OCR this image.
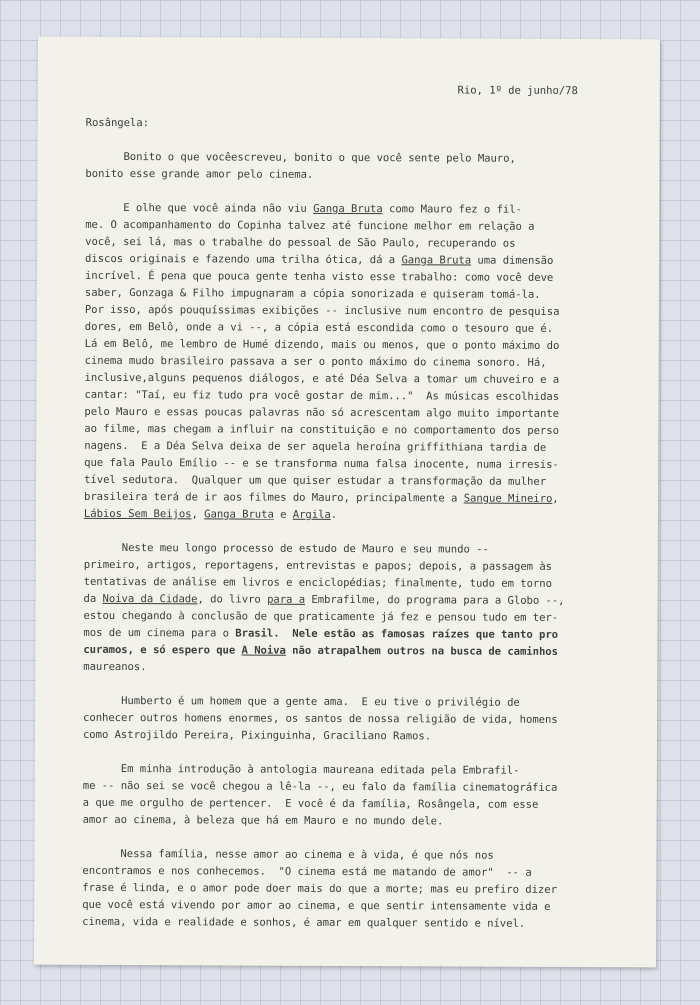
Rio, 1º de junho/78
Rosângela:
Bonito o que vocêescreveu, bonito o que você sente pelo Mauro,
bonito esse grande amor pelo cinema.
E olhe que você ainda não viu Ganga Bruta como Mauro fez o fil-
me. O acompanhamento do Copinha talvez até funcione melhor em relação a
você, sei lá, mas o trabalhe do pessoal de São Paulo, recuperando os
discos originais e fazendo uma trilha ótica, dá a Ganga Bruta uma dimensão
incrível. É pena que pouca gente tenha visto esse trabalho: como você deve
saber, Gonzaga & Filho impugnaram a cópia sonorizada e quiseram tomá-la.
Por isso, após pouquíssimas exibições -- inclusive num encontro de pesquisa
dores, em Belô, onde a vi --, a cópia está escondida como o tesouro que é.
Lá em Belô, me lembro de Humé dizendo, mais ou menos, que o ponto máximo do
cinema mudo brasileiro passava a ser o ponto máximo do cinema sonoro. Há,
inclusive,alguns pequenos diálogos, e até Déa Selva a tomar um chuveiro e a
cantar: "Taí, eu fiz tudo pra você gostar de mim..."  As músicas escolhidas
pelo Mauro e essas poucas palavras não só acrescentam algo muito importante
ao filme, mas chegam a influir na constituição e no comportamento dos perso
nagens.  E a Déa Selva deixa de ser aquela heroína griffithiana tardia de
que fala Paulo Emílio -- e se transforma numa falsa inocente, numa irresis-
tível sedutora.  Qualquer um que quiser estudar a transformação da mulher
brasileira terá de ir aos filmes do Mauro, principalmente a Sangue Mineiro,
Lábios Sem Beijos, Ganga Bruta e Argila.
Neste meu longo processo de estudo de Mauro e seu mundo --
primeiro, artigos, reportagens, entrevistas e papos; depois, a passagem às
tentativas de análise em livros e enciclopédias; finalmente, tudo em torno
da Noiva da Cidade, do livro para a Embrafilme, do programa para a Globo --,
estou chegando à conclusão de que praticamente já fez e pensou tudo em ter-
mos de um cinema para o Brasil.  Nele estão as famosas raízes que tanto pro
curamos, e só espero que A Noiva não atrapalhem outros na busca de caminhos
maureanos.
Humberto é um homem que a gente ama.  E eu tive o privilégio de
conhecer outros homens enormes, os santos de nossa religião de vida, homens
como Astrojildo Pereira, Pixinguinha, Graciliano Ramos.
Em minha introdução à antologia maureana editada pela Embrafil-
me -- não sei se você chegou a lê-la --, eu falo da família cinematográfica
a que me orgulho de pertencer.  E você é da família, Rosângela, com esse
amor ao cinema, à beleza que há em Mauro e no mundo dele.
Nessa família, nesse amor ao cinema e à vida, é que nós nos
encontramos e nos conhecemos.  "O cinema está me matando de amor"  -- a
frase é linda, e o amor pode doer mais do que a morte; mas eu prefiro dizer
que você está vivendo por amor ao cinema, e que sentir intensamente vida e
cinema, vida e realidade e sonhos, é amar em qualquer sentido e nível.
